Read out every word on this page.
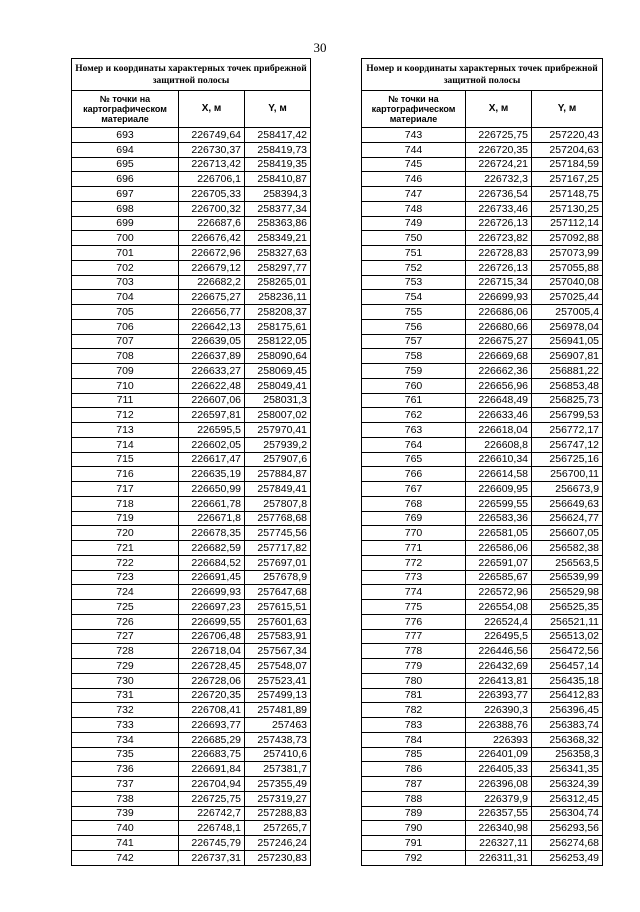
30
Номер и координаты характерных точек прибрежной защитной полосы		
№ точки на картографическом материале	X, м	Y, м
693	226749,64	258417,42
694	226730,37	258419,73
695	226713,42	258419,35
696	226706,1	258410,87
697	226705,33	258394,3
698	226700,32	258377,34
699	226687,6	258363,86
700	226676,42	258349,21
701	226672,96	258327,63
702	226679,12	258297,77
703	226682,2	258265,01
704	226675,27	258236,11
705	226656,77	258208,37
706	226642,13	258175,61
707	226639,05	258122,05
708	226637,89	258090,64
709	226633,27	258069,45
710	226622,48	258049,41
711	226607,06	258031,3
712	226597,81	258007,02
713	226595,5	257970,41
714	226602,05	257939,2
715	226617,47	257907,6
716	226635,19	257884,87
717	226650,99	257849,41
718	226661,78	257807,8
719	226671,8	257768,68
720	226678,35	257745,56
721	226682,59	257717,82
722	226684,52	257697,01
723	226691,45	257678,9
724	226699,93	257647,68
725	226697,23	257615,51
726	226699,55	257601,63
727	226706,48	257583,91
728	226718,04	257567,34
729	226728,45	257548,07
730	226728,06	257523,41
731	226720,35	257499,13
732	226708,41	257481,89
733	226693,77	257463
734	226685,29	257438,73
735	226683,75	257410,6
736	226691,84	257381,7
737	226704,94	257355,49
738	226725,75	257319,27
739	226742,7	257288,83
740	226748,1	257265,7
741	226745,79	257246,24
742	226737,31	257230,83
Номер и координаты характерных точек прибрежной защитной полосы		
№ точки на картографическом материале	X, м	Y, м
743	226725,75	257220,43
744	226720,35	257204,63
745	226724,21	257184,59
746	226732,3	257167,25
747	226736,54	257148,75
748	226733,46	257130,25
749	226726,13	257112,14
750	226723,82	257092,88
751	226728,83	257073,99
752	226726,13	257055,88
753	226715,34	257040,08
754	226699,93	257025,44
755	226686,06	257005,4
756	226680,66	256978,04
757	226675,27	256941,05
758	226669,68	256907,81
759	226662,36	256881,22
760	226656,96	256853,48
761	226648,49	256825,73
762	226633,46	256799,53
763	226618,04	256772,17
764	226608,8	256747,12
765	226610,34	256725,16
766	226614,58	256700,11
767	226609,95	256673,9
768	226599,55	256649,63
769	226583,36	256624,77
770	226581,05	256607,05
771	226586,06	256582,38
772	226591,07	256563,5
773	226585,67	256539,99
774	226572,96	256529,98
775	226554,08	256525,35
776	226524,4	256521,11
777	226495,5	256513,02
778	226446,56	256472,56
779	226432,69	256457,14
780	226413,81	256435,18
781	226393,77	256412,83
782	226390,3	256396,45
783	226388,76	256383,74
784	226393	256368,32
785	226401,09	256358,3
786	226405,33	256341,35
787	226396,08	256324,39
788	226379,9	256312,45
789	226357,55	256304,74
790	226340,98	256293,56
791	226327,11	256274,68
792	226311,31	256253,49
